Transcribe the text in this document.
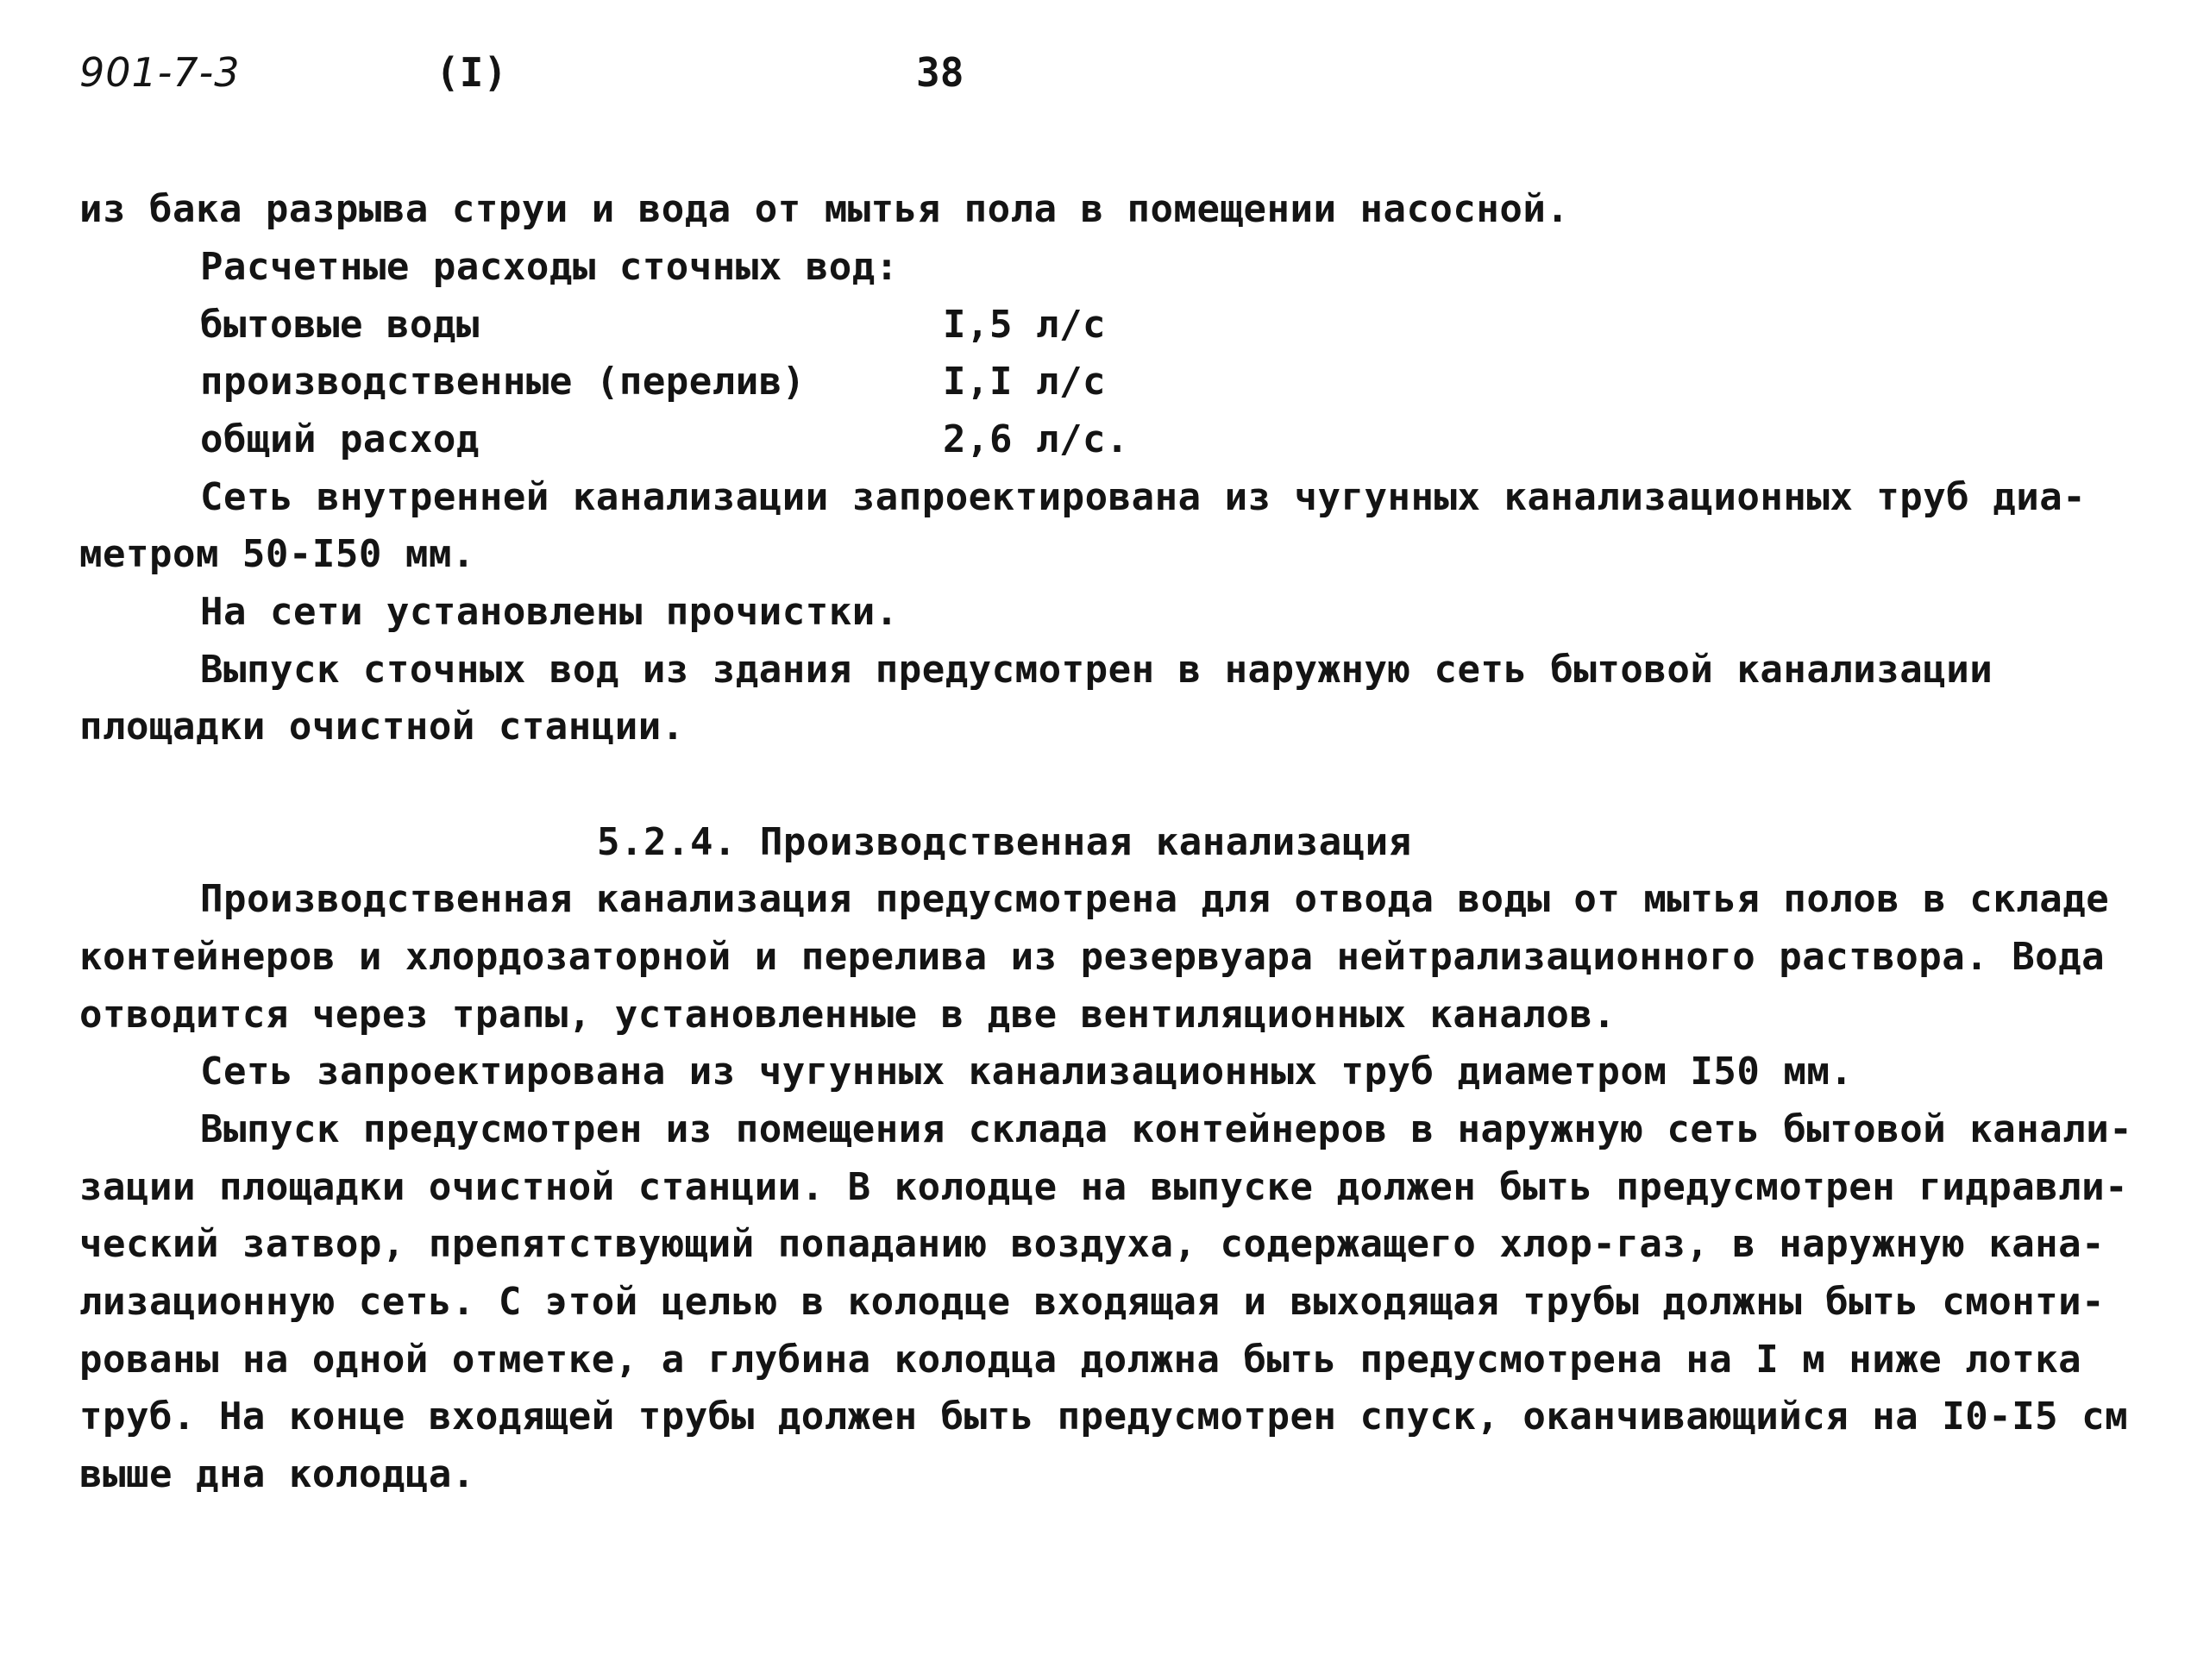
901-7-3	(I)	38
из бака разрыва струи и вода от мытья пола в помещении насосной.
Расчетные расходы сточных вод:
бытовые воды	I,5 л/с
производственные (перелив)	I,I л/с
общий расход	2,6 л/с.
Сеть внутренней канализации запроектирована из чугунных канализационных труб диа-
метром 50-I50 мм.
На сети установлены прочистки.
Выпуск сточных вод из здания предусмотрен в наружную сеть бытовой канализации
площадки очистной станции.
5.2.4. Производственная канализация
Производственная канализация предусмотрена для отвода воды от мытья полов в складе
контейнеров и хлордозаторной и перелива из резервуара нейтрализационного раствора. Вода
отводится через трапы, установленные в две вентиляционных каналов.
Сеть запроектирована из чугунных канализационных труб диаметром I50 мм.
Выпуск предусмотрен из помещения склада контейнеров в наружную сеть бытовой канали-
зации площадки очистной станции. В колодце на выпуске должен быть предусмотрен гидравли-
ческий затвор, препятствующий попаданию воздуха, содержащего хлор-газ, в наружную кана-
лизационную сеть. С этой целью в колодце входящая и выходящая трубы должны быть смонти-
рованы на одной отметке, а глубина колодца должна быть предусмотрена на I м ниже лотка
труб. На конце входящей трубы должен быть предусмотрен спуск, оканчивающийся на I0-I5 см
выше дна колодца.
